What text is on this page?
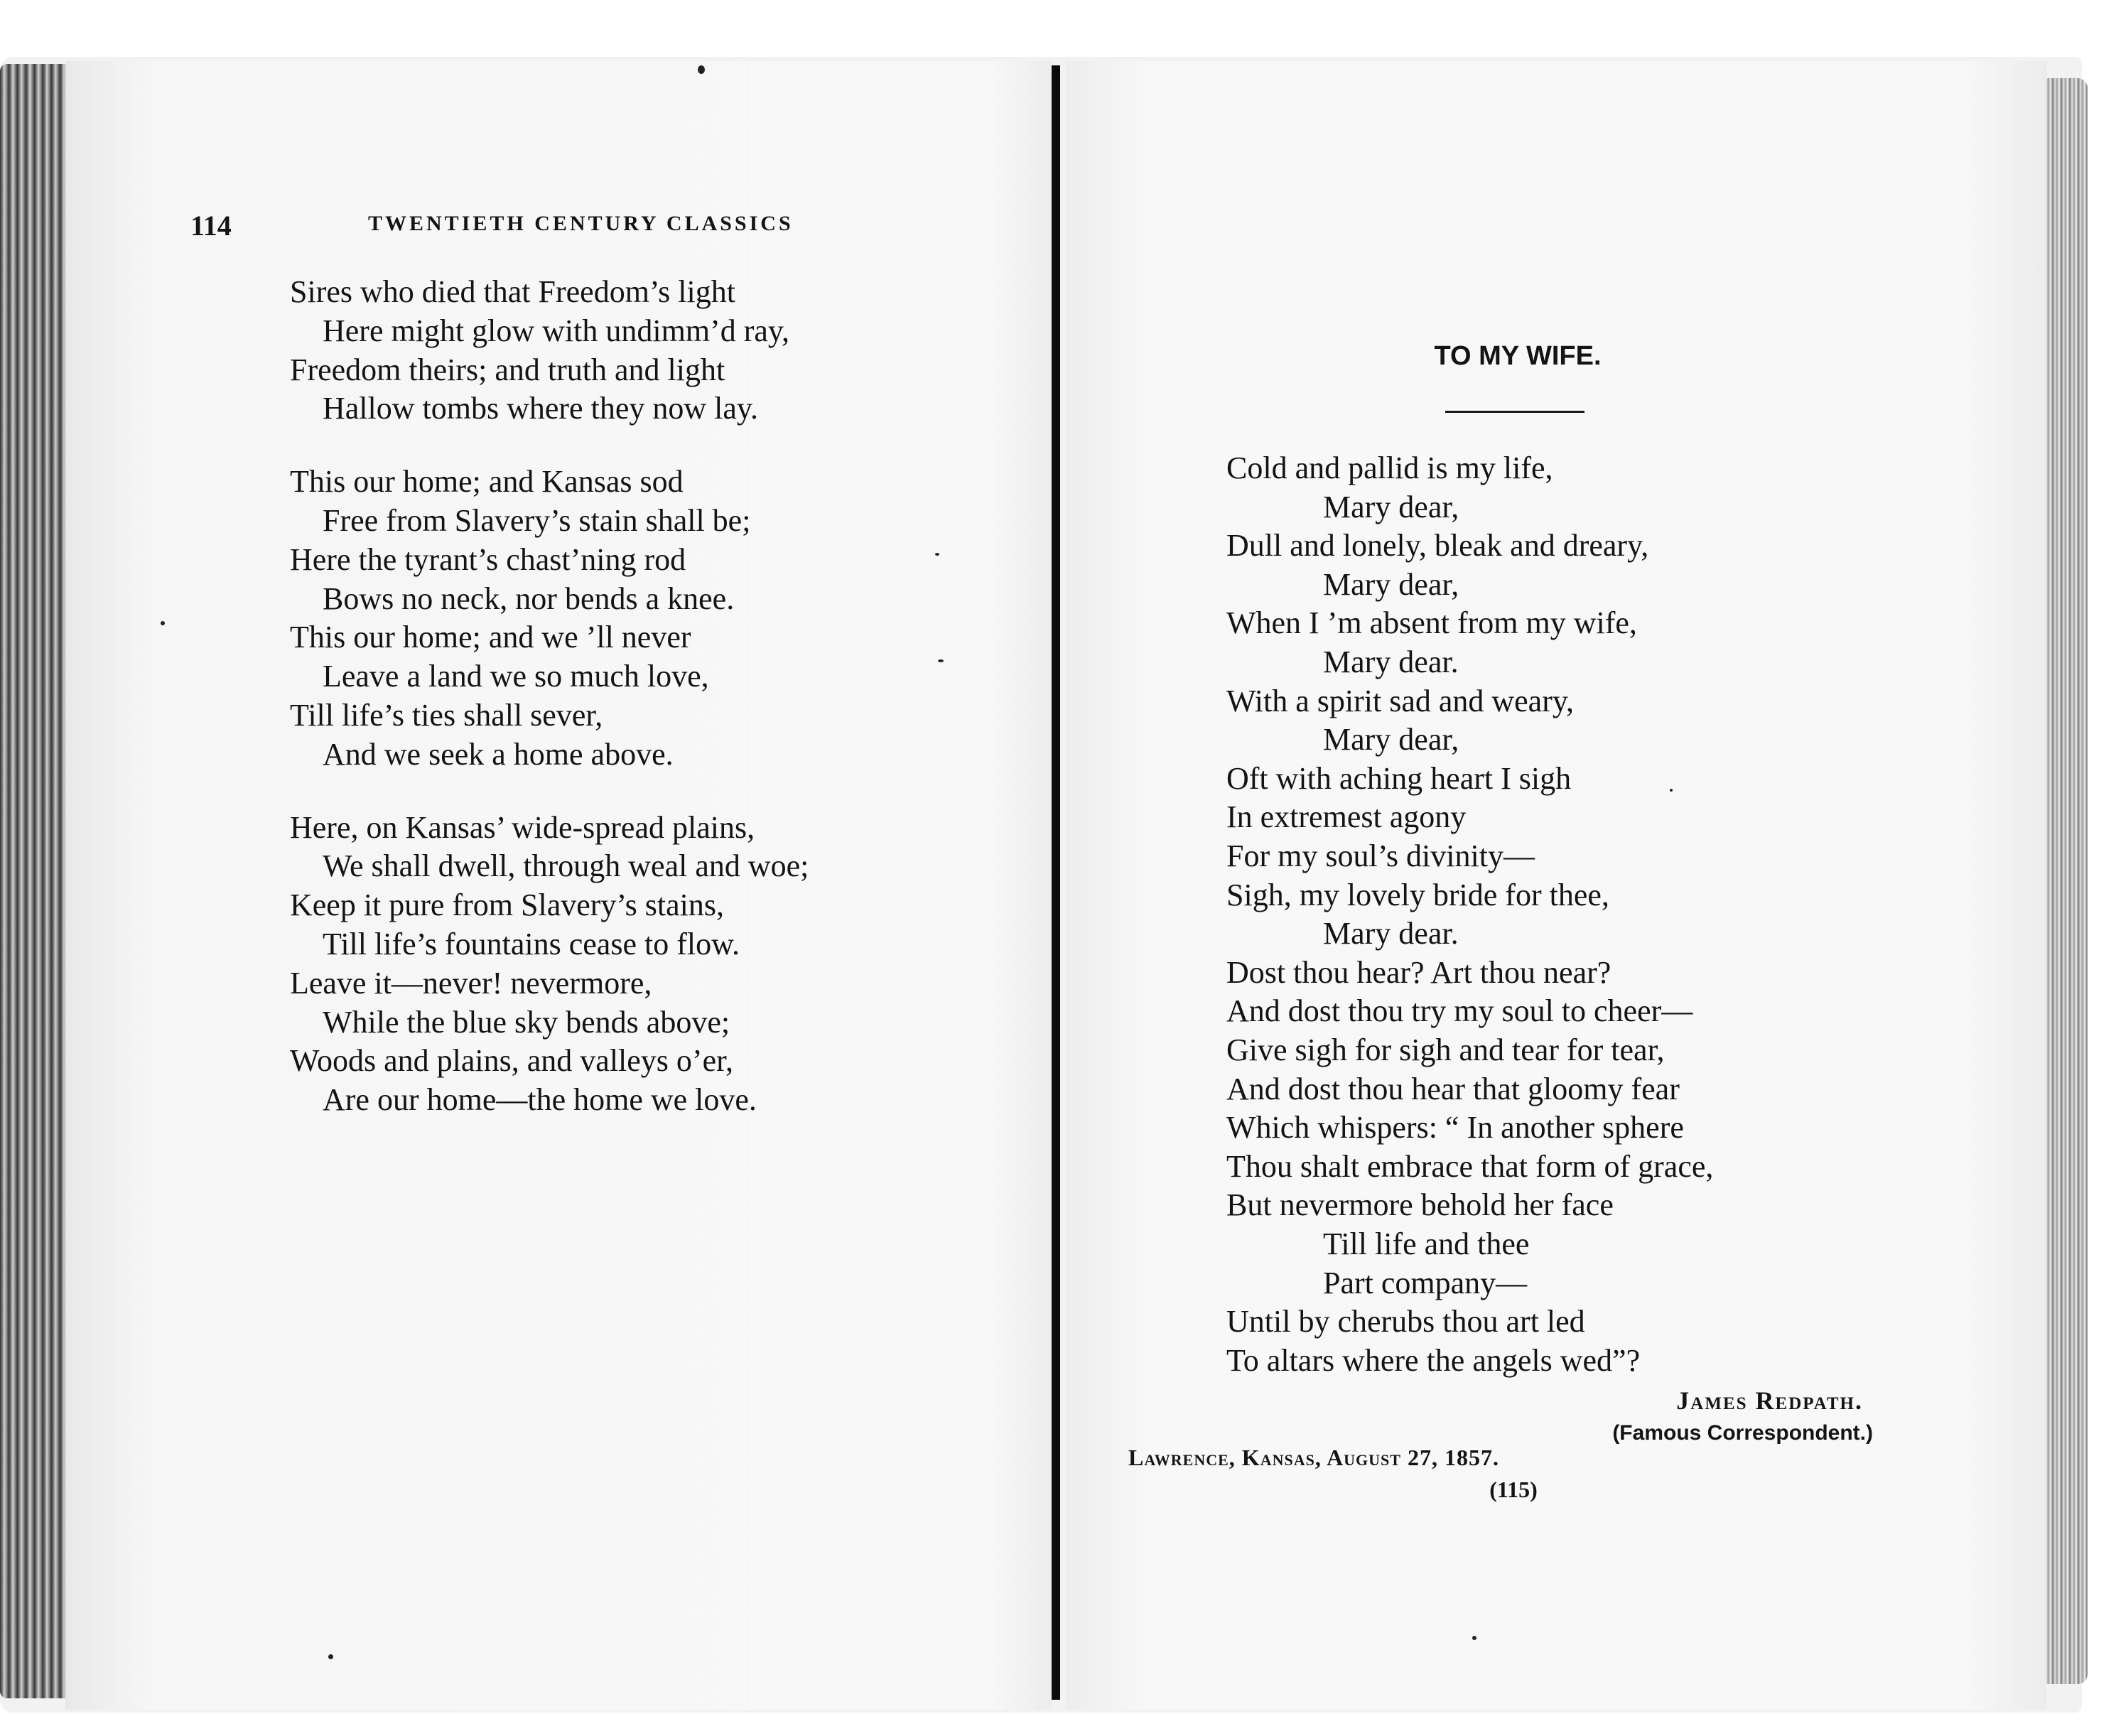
114	TWENTIETH CENTURY CLASSICS
Sires who died that Freedom’s light
Here might glow with undimm’d ray,
Freedom theirs; and truth and light
Hallow tombs where they now lay.
This our home; and Kansas sod
Free from Slavery’s stain shall be;
Here the tyrant’s chast’ning rod
Bows no neck, nor bends a knee.
This our home; and we ’ll never
Leave a land we so much love,
Till life’s ties shall sever,
And we seek a home above.
Here, on Kansas’ wide-spread plains,
We shall dwell, through weal and woe;
Keep it pure from Slavery’s stains,
Till life’s fountains cease to flow.
Leave it—never! nevermore,
While the blue sky bends above;
Woods and plains, and valleys o’er,
Are our home—the home we love.
TO MY WIFE.
Cold and pallid is my life,
Mary dear,
Dull and lonely, bleak and dreary,
Mary dear,
When I ’m absent from my wife,
Mary dear.
With a spirit sad and weary,
Mary dear,
Oft with aching heart I sigh
In extremest agony
For my soul’s divinity—
Sigh, my lovely bride for thee,
Mary dear.
Dost thou hear? Art thou near?
And dost thou try my soul to cheer—
Give sigh for sigh and tear for tear,
And dost thou hear that gloomy fear
Which whispers: “ In another sphere
Thou shalt embrace that form of grace,
But nevermore behold her face
Till life and thee
Part company—
Until by cherubs thou art led
To altars where the angels wed”?
James Redpath.
(Famous Correspondent.)
Lawrence, Kansas, August 27, 1857.
(115)
